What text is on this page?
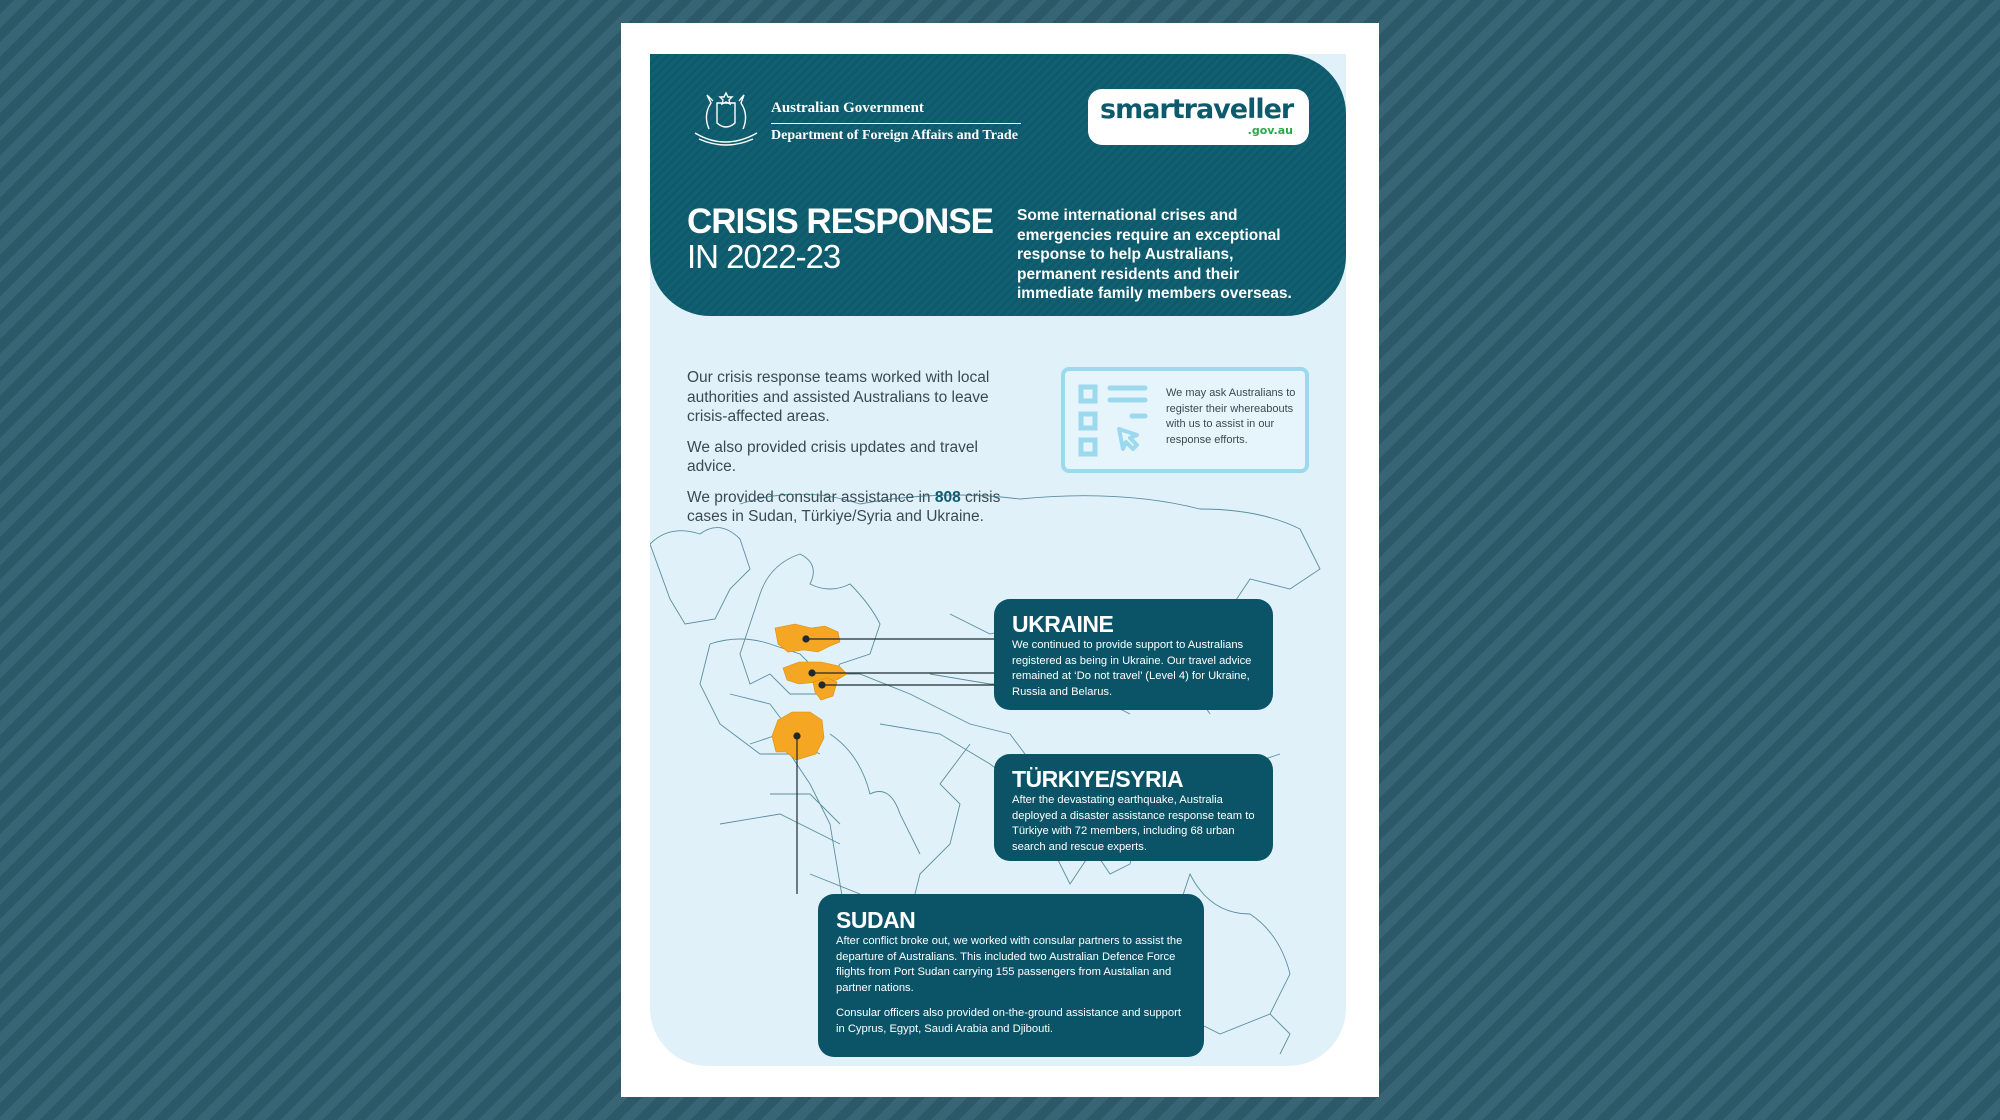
Australian Government
Department of Foreign Affairs and Trade
smartraveller
.gov.au
CRISIS RESPONSE
IN 2022-23
Some international crises and emergencies require an exceptional response to help Australians, permanent residents and their immediate family members overseas.

Our crisis response teams worked with local authorities and assisted Australians to leave crisis-affected areas.

We also provided crisis updates and travel advice.

We provided consular assistance in 808 crisis cases in Sudan, Türkiye/Syria and Ukraine.

We may ask Australians to register their whereabouts with us to assist in our response efforts.
UKRAINE

We continued to provide support to Australians registered as being in Ukraine. Our travel advice remained at ‘Do not travel’ (Level 4) for Ukraine, Russia and Belarus.

TÜRKIYE/SYRIA

After the devastating earthquake, Australia deployed a disaster assistance response team to Türkiye with 72 members, including 68 urban search and rescue experts.

SUDAN

After conflict broke out, we worked with consular partners to assist the departure of Australians. This included two Australian Defence Force flights from Port Sudan carrying 155 passengers from Austalian and partner nations.

Consular officers also provided on-the-ground assistance and support in Cyprus, Egypt, Saudi Arabia and Djibouti.
